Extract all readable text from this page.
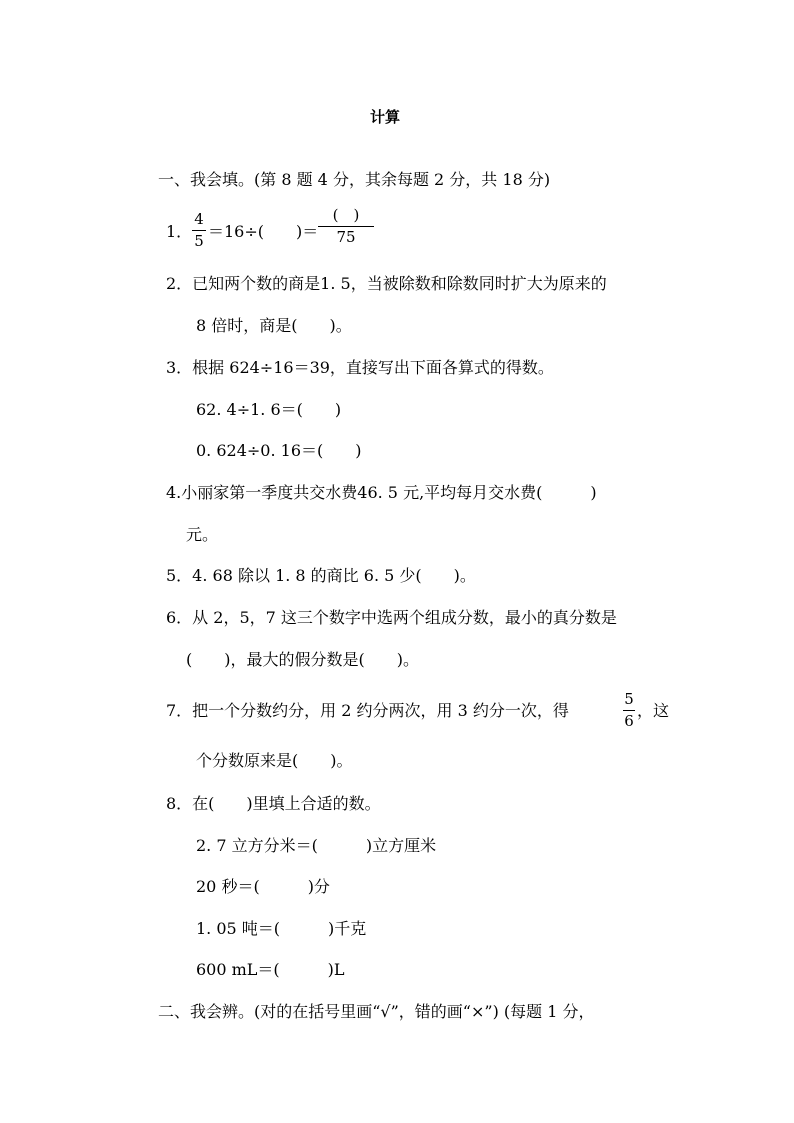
计算
一、我会填。(第 8 题 4 分，其余每题 2 分，共 18 分)
1．
4
5 ＝16÷(　　)＝
(　)
75
2．已知两个数的商是1. 5，当被除数和除数同时扩大为原来的
8 倍时，商是(　　)。
3．根据 624÷16＝39，直接写出下面各算式的得数。
62. 4÷1. 6＝(　　)
0. 624÷0. 16＝(　　)
4.小丽家第一季度共交水费46. 5 元,平均每月交水费(　　　)
元。
5．4. 68 除以 1. 8 的商比 6. 5 少(　　)。
6．从 2，5，7 这三个数字中选两个组成分数，最小的真分数是
(　　)，最大的假分数是(　　)。
7．把一个分数约分，用 2 约分两次，用 3 约分一次，得
5
6
，这
个分数原来是(　　)。
8．在(　　)里填上合适的数。
2. 7 立方分米＝(　　　)立方厘米
20 秒＝(　　　)分
1. 05 吨＝(　　　)千克
600 mL＝(　　　)L
二、我会辨。(对的在括号里画“√”，错的画“×”) (每题 1 分，
